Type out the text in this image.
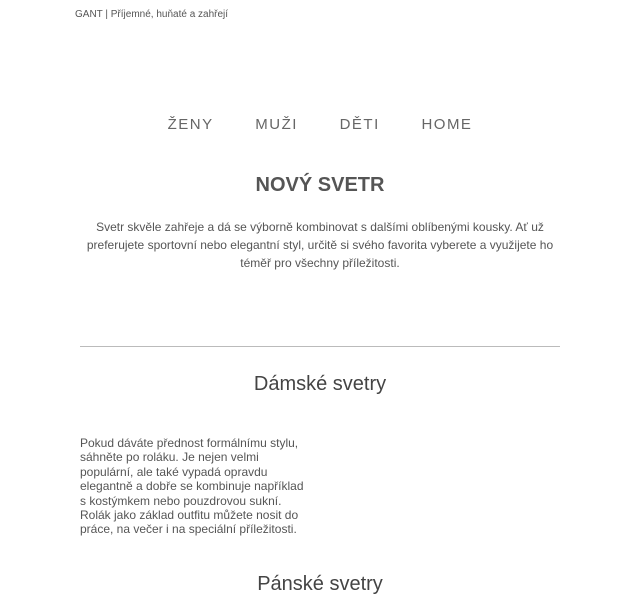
GANT | Příjemné, huňaté a zahřejí
ŽENY	MUŽI	DĚTI	HOME
NOVÝ SVETR

Svetr skvěle zahřeje a dá se výborně kombinovat s dalšími oblíbenými kousky. Ať už preferujete sportovní nebo elegantní styl, určitě si svého favorita vyberete a využijete ho téměř pro všechny příležitosti.

Dámské svetry

Pokud dáváte přednost formálnímu stylu, sáhněte po roláku. Je nejen velmi populární, ale také vypadá opravdu elegantně a dobře se kombinuje například s kostýmkem nebo pouzdrovou sukní. Rolák jako základ outfitu můžete nosit do práce, na večer i na speciální příležitosti.

Pánské svetry
